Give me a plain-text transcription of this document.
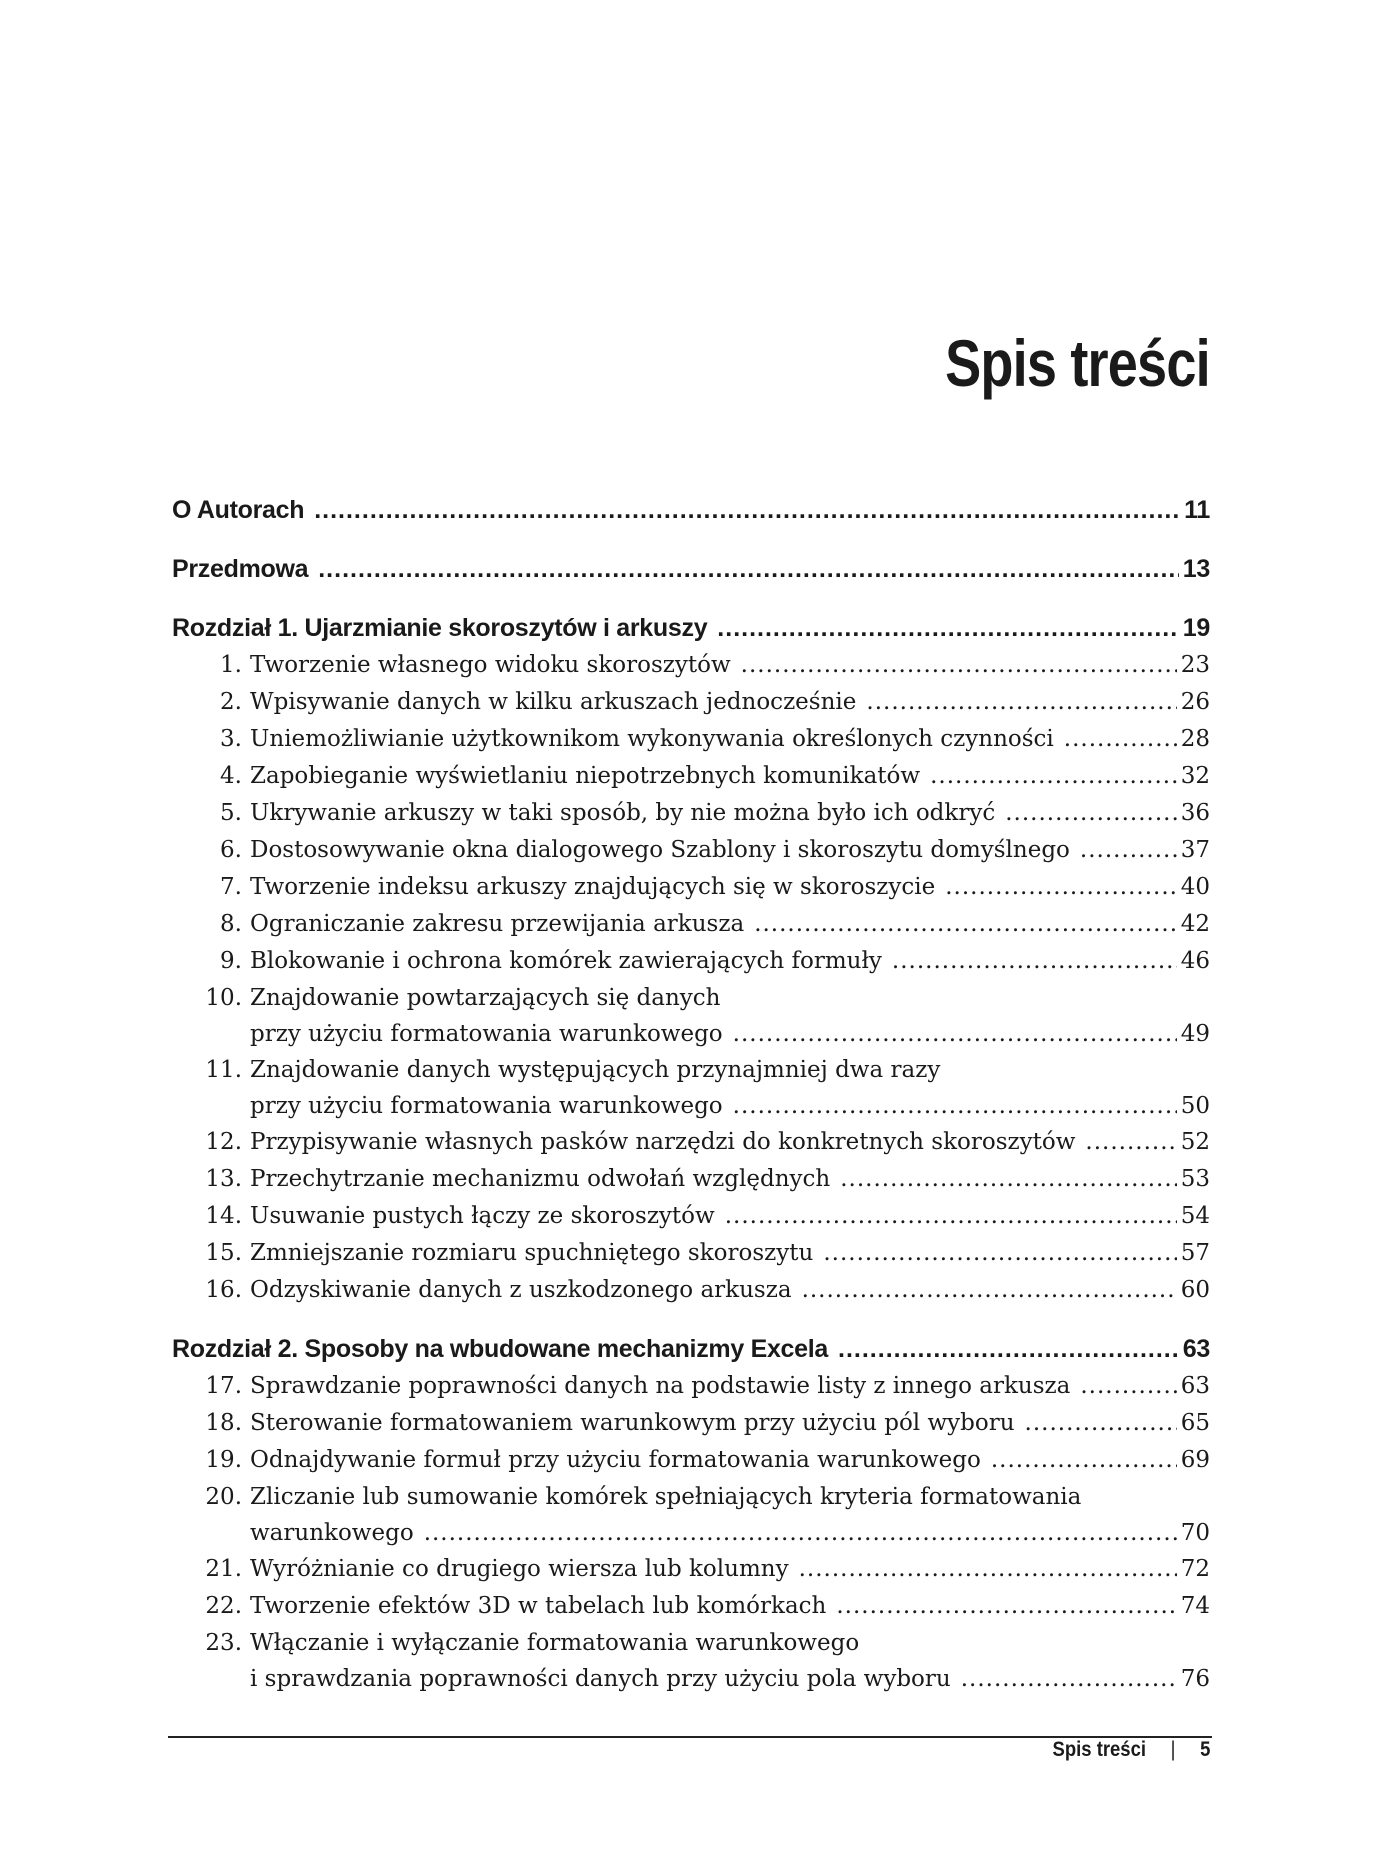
Spis treści
O Autorach .....	11
Przedmowa .....	13
Rozdział 1. Ujarzmianie skoroszytów i arkuszy .....	19
1. Tworzenie własnego widoku skoroszytów .....	23
2. Wpisywanie danych w kilku arkuszach jednocześnie .....	26
3. Uniemożliwianie użytkownikom wykonywania określonych czynności .....	28
4. Zapobieganie wyświetlaniu niepotrzebnych komunikatów .....	32
5. Ukrywanie arkuszy w taki sposób, by nie można było ich odkryć .....	36
6. Dostosowywanie okna dialogowego Szablony i skoroszytu domyślnego .....	37
7. Tworzenie indeksu arkuszy znajdujących się w skoroszycie .....	40
8. Ograniczanie zakresu przewijania arkusza .....	42
9. Blokowanie i ochrona komórek zawierających formuły .....	46
10. Znajdowanie powtarzających się danych
przy użyciu formatowania warunkowego .....	49
11. Znajdowanie danych występujących przynajmniej dwa razy
przy użyciu formatowania warunkowego .....	50
12. Przypisywanie własnych pasków narzędzi do konkretnych skoroszytów .....	52
13. Przechytrzanie mechanizmu odwołań względnych .....	53
14. Usuwanie pustych łączy ze skoroszytów .....	54
15. Zmniejszanie rozmiaru spuchniętego skoroszytu .....	57
16. Odzyskiwanie danych z uszkodzonego arkusza .....	60
Rozdział 2. Sposoby na wbudowane mechanizmy Excela .....	63
17. Sprawdzanie poprawności danych na podstawie listy z innego arkusza .....	63
18. Sterowanie formatowaniem warunkowym przy użyciu pól wyboru .....	65
19. Odnajdywanie formuł przy użyciu formatowania warunkowego .....	69
20. Zliczanie lub sumowanie komórek spełniających kryteria formatowania
warunkowego .....	70
21. Wyróżnianie co drugiego wiersza lub kolumny .....	72
22. Tworzenie efektów 3D w tabelach lub komórkach .....	74
23. Włączanie i wyłączanie formatowania warunkowego
i sprawdzania poprawności danych przy użyciu pola wyboru .....	76
Spis treści | 5
